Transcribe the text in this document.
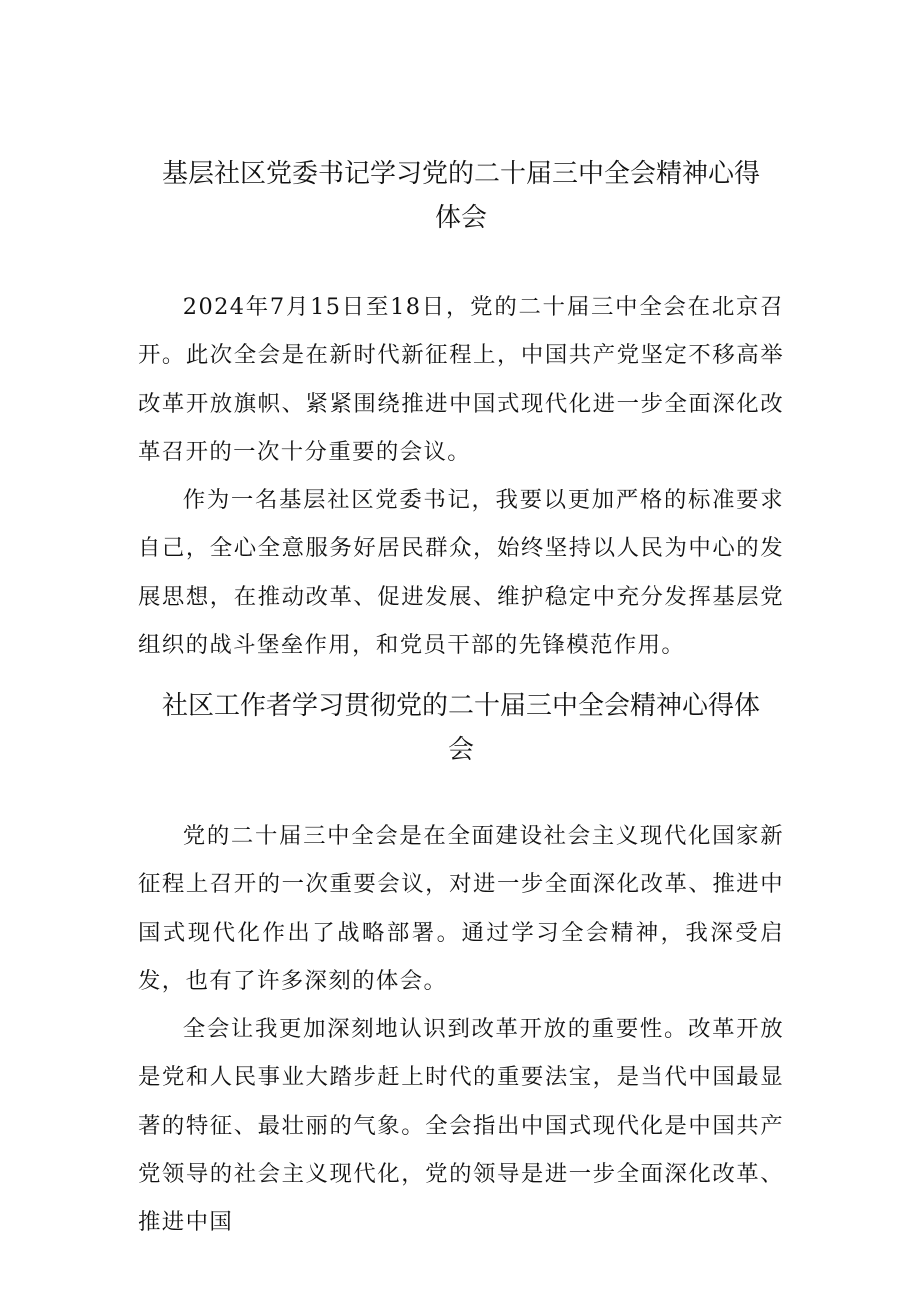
基层社区党委书记学习党的二十届三中全会精神心得
体会

2024年7月15日至18日，党的二十届三中全会在北京召开。此次全会是在新时代新征程上，中国共产党坚定不移高举改革开放旗帜、紧紧围绕推进中国式现代化进一步全面深化改革召开的一次十分重要的会议。

作为一名基层社区党委书记，我要以更加严格的标准要求自己，全心全意服务好居民群众，始终坚持以人民为中心的发展思想，在推动改革、促进发展、维护稳定中充分发挥基层党组织的战斗堡垒作用，和党员干部的先锋模范作用。

社区工作者学习贯彻党的二十届三中全会精神心得体
会

党的二十届三中全会是在全面建设社会主义现代化国家新征程上召开的一次重要会议，对进一步全面深化改革、推进中国式现代化作出了战略部署。通过学习全会精神，我深受启发，也有了许多深刻的体会。

全会让我更加深刻地认识到改革开放的重要性。改革开放是党和人民事业大踏步赶上时代的重要法宝，是当代中国最显著的特征、最壮丽的气象。全会指出中国式现代化是中国共产党领导的社会主义现代化，党的领导是进一步全面深化改革、推进中国
